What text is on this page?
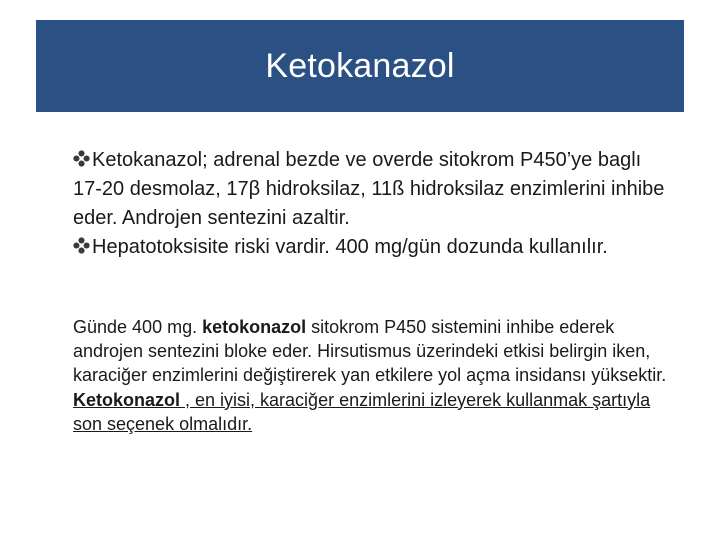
Ketokanazol

Ketokanazol; adrenal bezde ve overde sitokrom P450’ye baglı 17-20 desmolaz, 17β hidroksilaz, 11ß hidroksilaz enzimlerini inhibe eder. Androjen sentezini azaltir.

Hepatotoksisite riski vardir. 400 mg/gün dozunda kullanılır.

Günde 400 mg. ketokonazol sitokrom P450 sistemini inhibe ederek androjen sentezini bloke eder. Hirsutismus üzerindeki etkisi belirgin iken, karaciğer enzimlerini değiştirerek yan etkilere yol açma insidansı yüksektir.

Ketokonazol , en iyisi, karaciğer enzimlerini izleyerek kullanmak şartıyla son seçenek olmalıdır.
